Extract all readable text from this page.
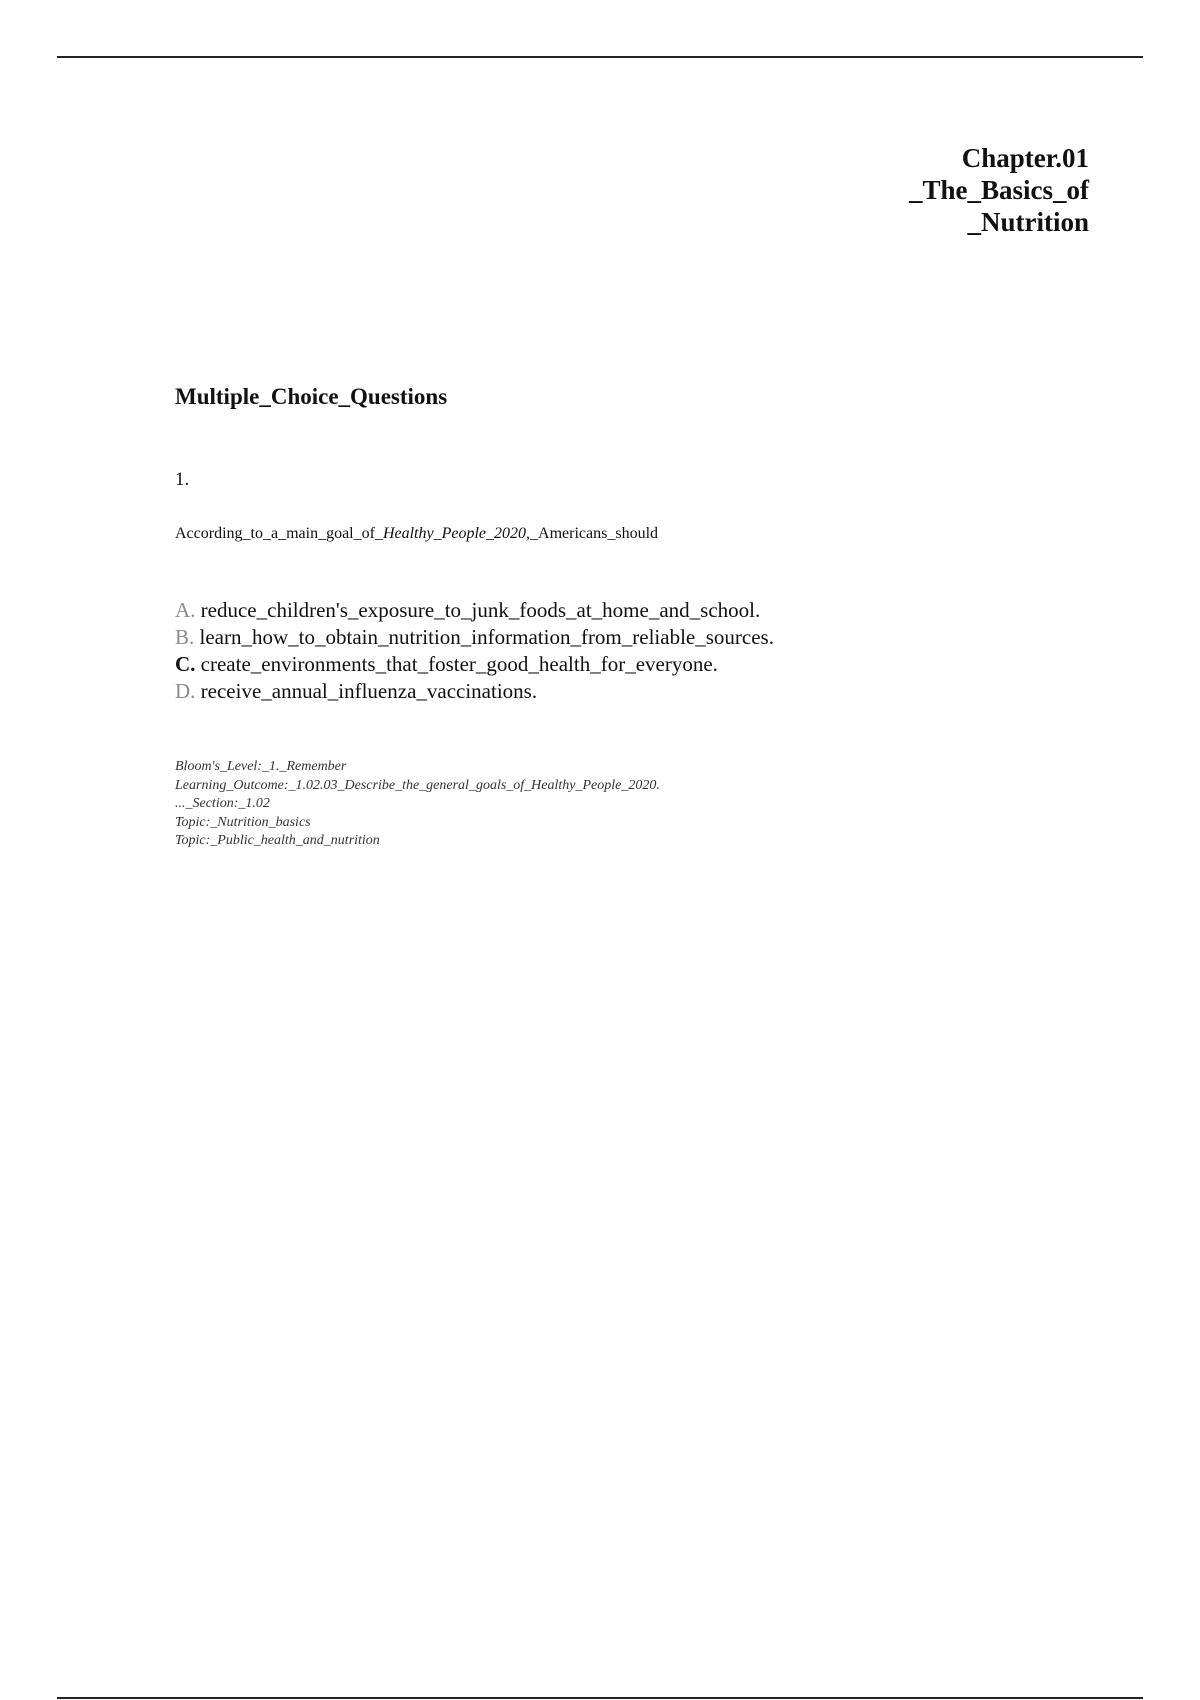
Chapter.01
_The_Basics_of
_Nutrition
Multiple_Choice_Questions
1.
According_to_a_main_goal_of_Healthy_People_2020,_Americans_should
A. reduce_children's_exposure_to_junk_foods_at_home_and_school.
B. learn_how_to_obtain_nutrition_information_from_reliable_sources.
C. create_environments_that_foster_good_health_for_everyone.
D. receive_annual_influenza_vaccinations.
Bloom's_Level:_1._Remember
Learning_Outcome:_1.02.03_Describe_the_general_goals_of_Healthy_People_2020.
..._Section:_1.02
Topic:_Nutrition_basics
Topic:_Public_health_and_nutrition
